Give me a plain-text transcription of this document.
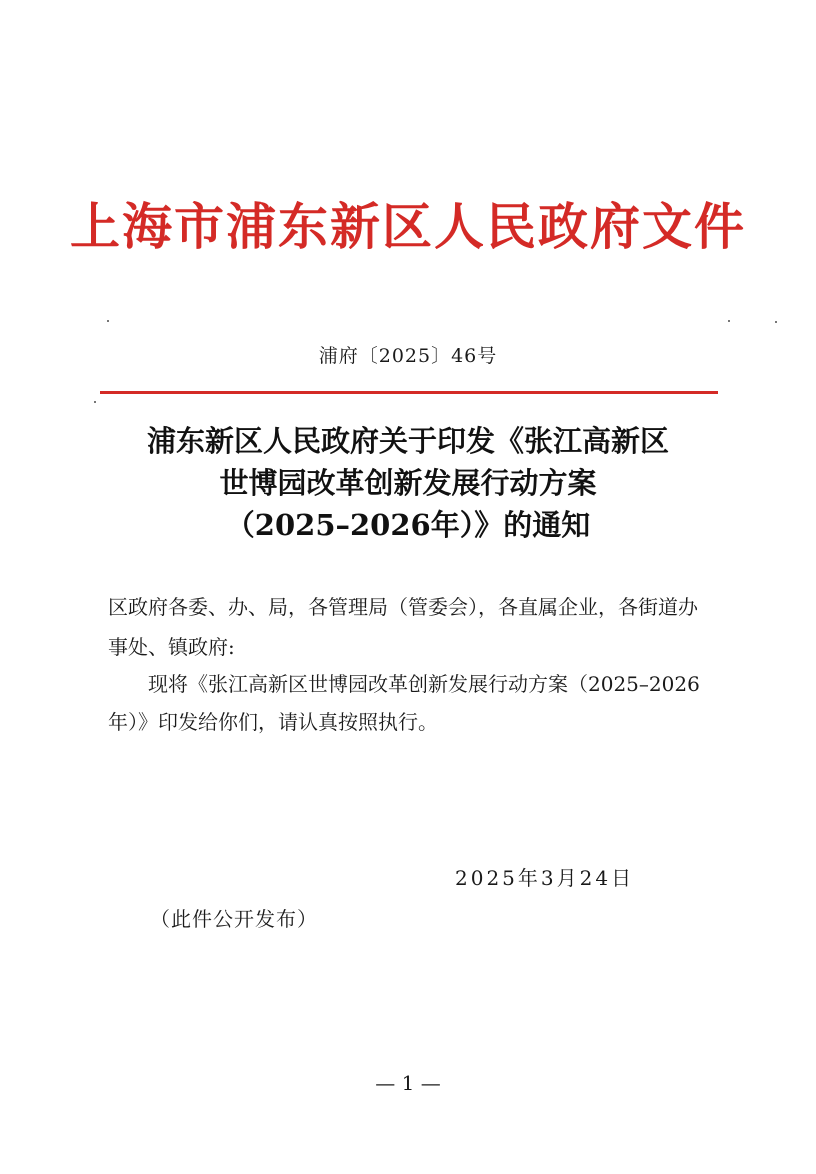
上海市浦东新区人民政府文件
浦府〔2025〕46号
浦东新区人民政府关于印发《张江高新区
世博园改革创新发展行动方案
（2025–2026年）》的通知
区政府各委、办、局，各管理局（管委会），各直属企业，各街道办事处、镇政府:
现将《张江高新区世博园改革创新发展行动方案（2025–2026年）》印发给你们，请认真按照执行。
2025年3月24日
（此件公开发布）
— 1 —
